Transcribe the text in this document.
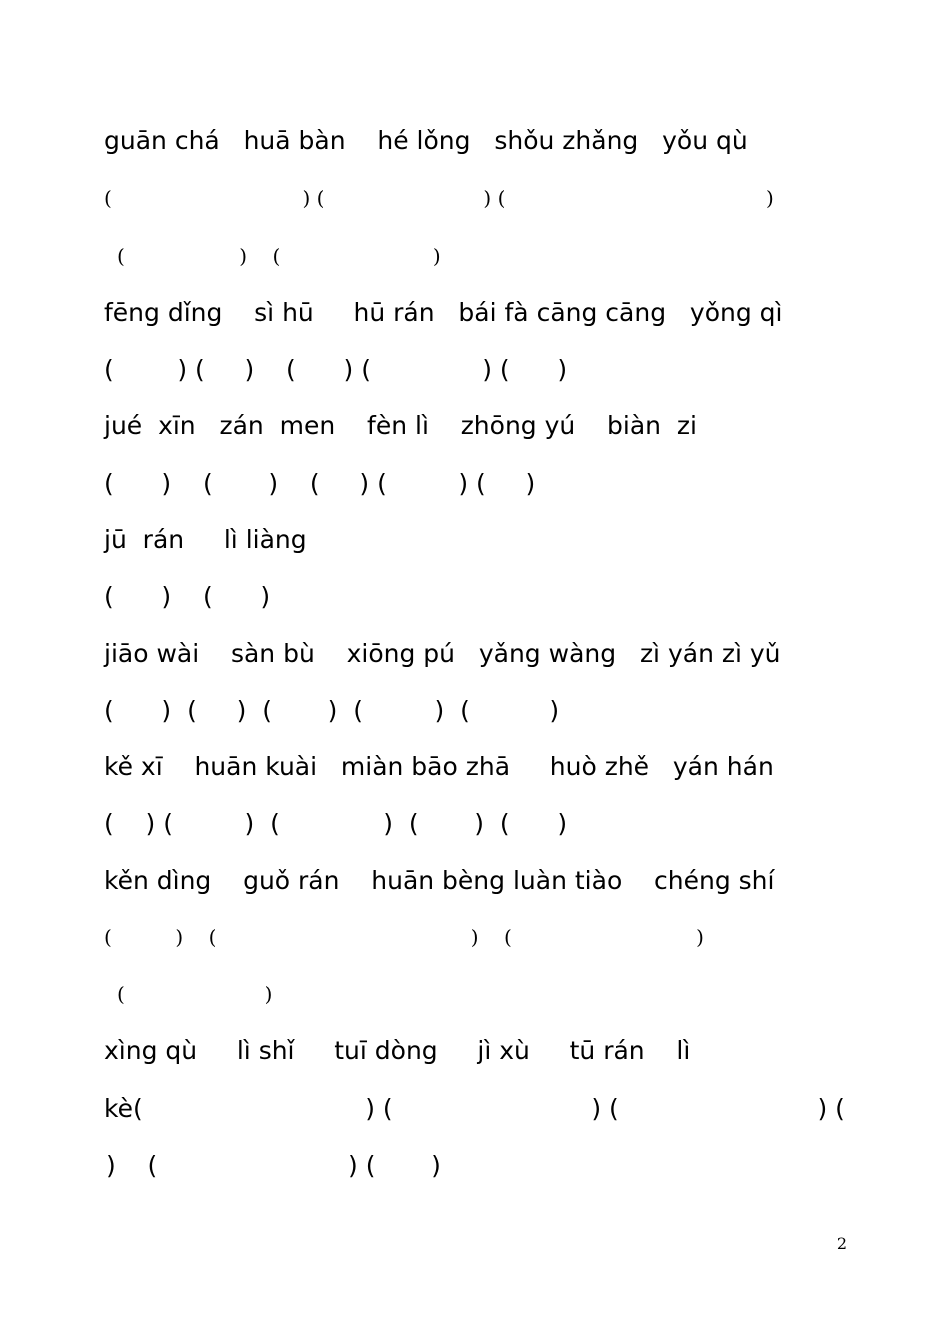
guān chá   huā bàn    hé lǒng   shǒu zhǎng   yǒu qù
(                              ) (                         ) (                                         )
(                  )    (                        )
fēng dǐng    sì hū     hū rán   bái fà cāng cāng   yǒng qì
(        ) (     )    (      ) (              ) (      )
jué  xīn   zán  men    fèn lì    zhōng yú    biàn  zi
(      )    (       )    (     ) (         ) (     )
jū  rán     lì liàng
(      )    (      )
jiāo wài    sàn bù    xiōng pú   yǎng wàng   zì yán zì yǔ
(      )  (     )  (       )  (         )  (          )
kě xī    huān kuài   miàn bāo zhā     huò zhě   yán hán
(    ) (         )  (             )  (       )  (      )
kěn dìng    guǒ rán    huān bèng luàn tiào    chéng shí
(          )    (                                        )    (                             )
(                      )
xìng qù     lì shǐ     tuī dòng     jì xù     tū rán    lì
kè(                            ) (                         ) (                         ) (
)    (                        ) (       )
2
